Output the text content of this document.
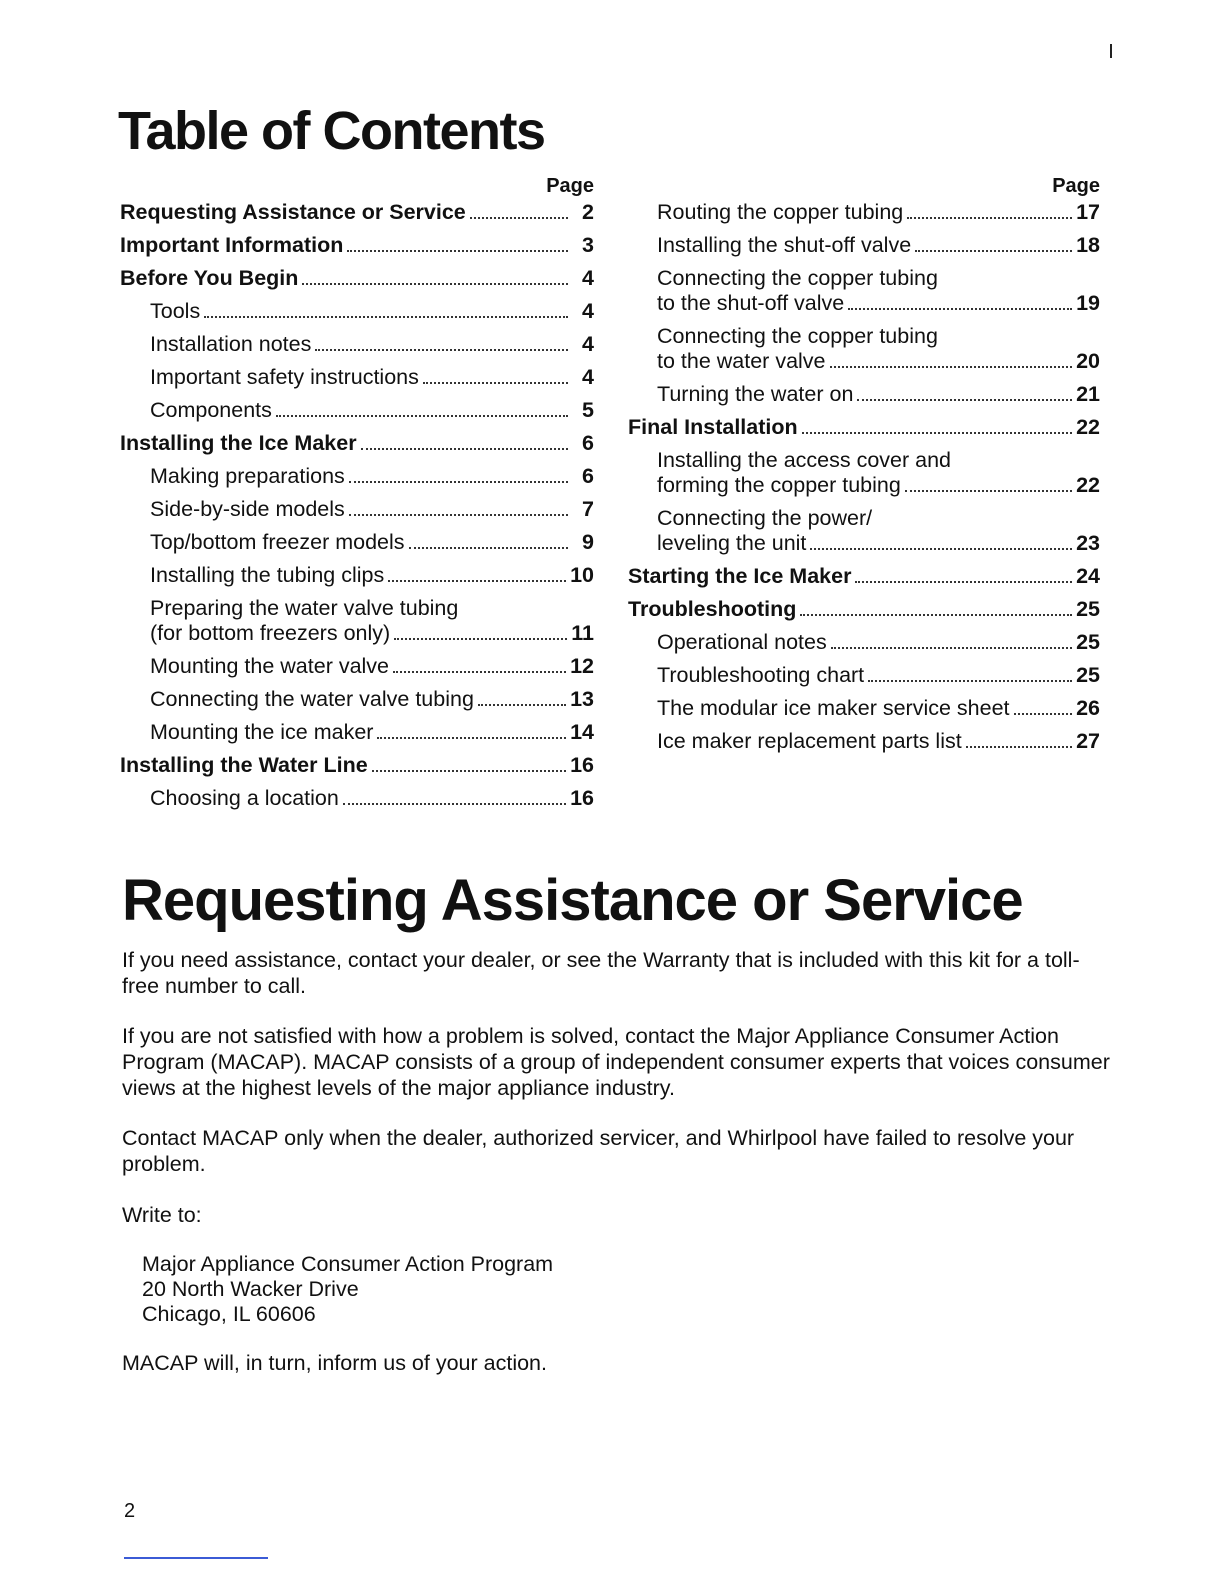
Table of Contents
Page
Requesting Assistance or Service	2
Important Information	3
Before You Begin	4
Tools	4
Installation notes	4
Important safety instructions	4
Components	5
Installing the Ice Maker	6
Making preparations	6
Side-by-side models	7
Top/bottom freezer models	9
Installing the tubing clips	10
Preparing the water valve tubing
(for bottom freezers only)	11
Mounting the water valve	12
Connecting the water valve tubing	13
Mounting the ice maker	14
Installing the Water Line	16
Choosing a location	16
Page
Routing the copper tubing	17
Installing the shut-off valve	18
Connecting the copper tubing
to the shut-off valve	19
Connecting the copper tubing
to the water valve	20
Turning the water on	21
Final Installation	22
Installing the access cover and
forming the copper tubing	22
Connecting the power/
leveling the unit	23
Starting the Ice Maker	24
Troubleshooting	25
Operational notes	25
Troubleshooting chart	25
The modular ice maker service sheet	26
Ice maker replacement parts list	27
Requesting Assistance or Service

If you need assistance, contact your dealer, or see the Warranty that is included with this kit for a toll-free number to call.

If you are not satisfied with how a problem is solved, contact the Major Appliance Consumer Action Program (MACAP). MACAP consists of a group of independent consumer experts that voices consumer views at the highest levels of the major appliance industry.

Contact MACAP only when the dealer, authorized servicer, and Whirlpool have failed to resolve your problem.

Write to:

Major Appliance Consumer Action Program
20 North Wacker Drive
Chicago, IL 60606

MACAP will, in turn, inform us of your action.

2
